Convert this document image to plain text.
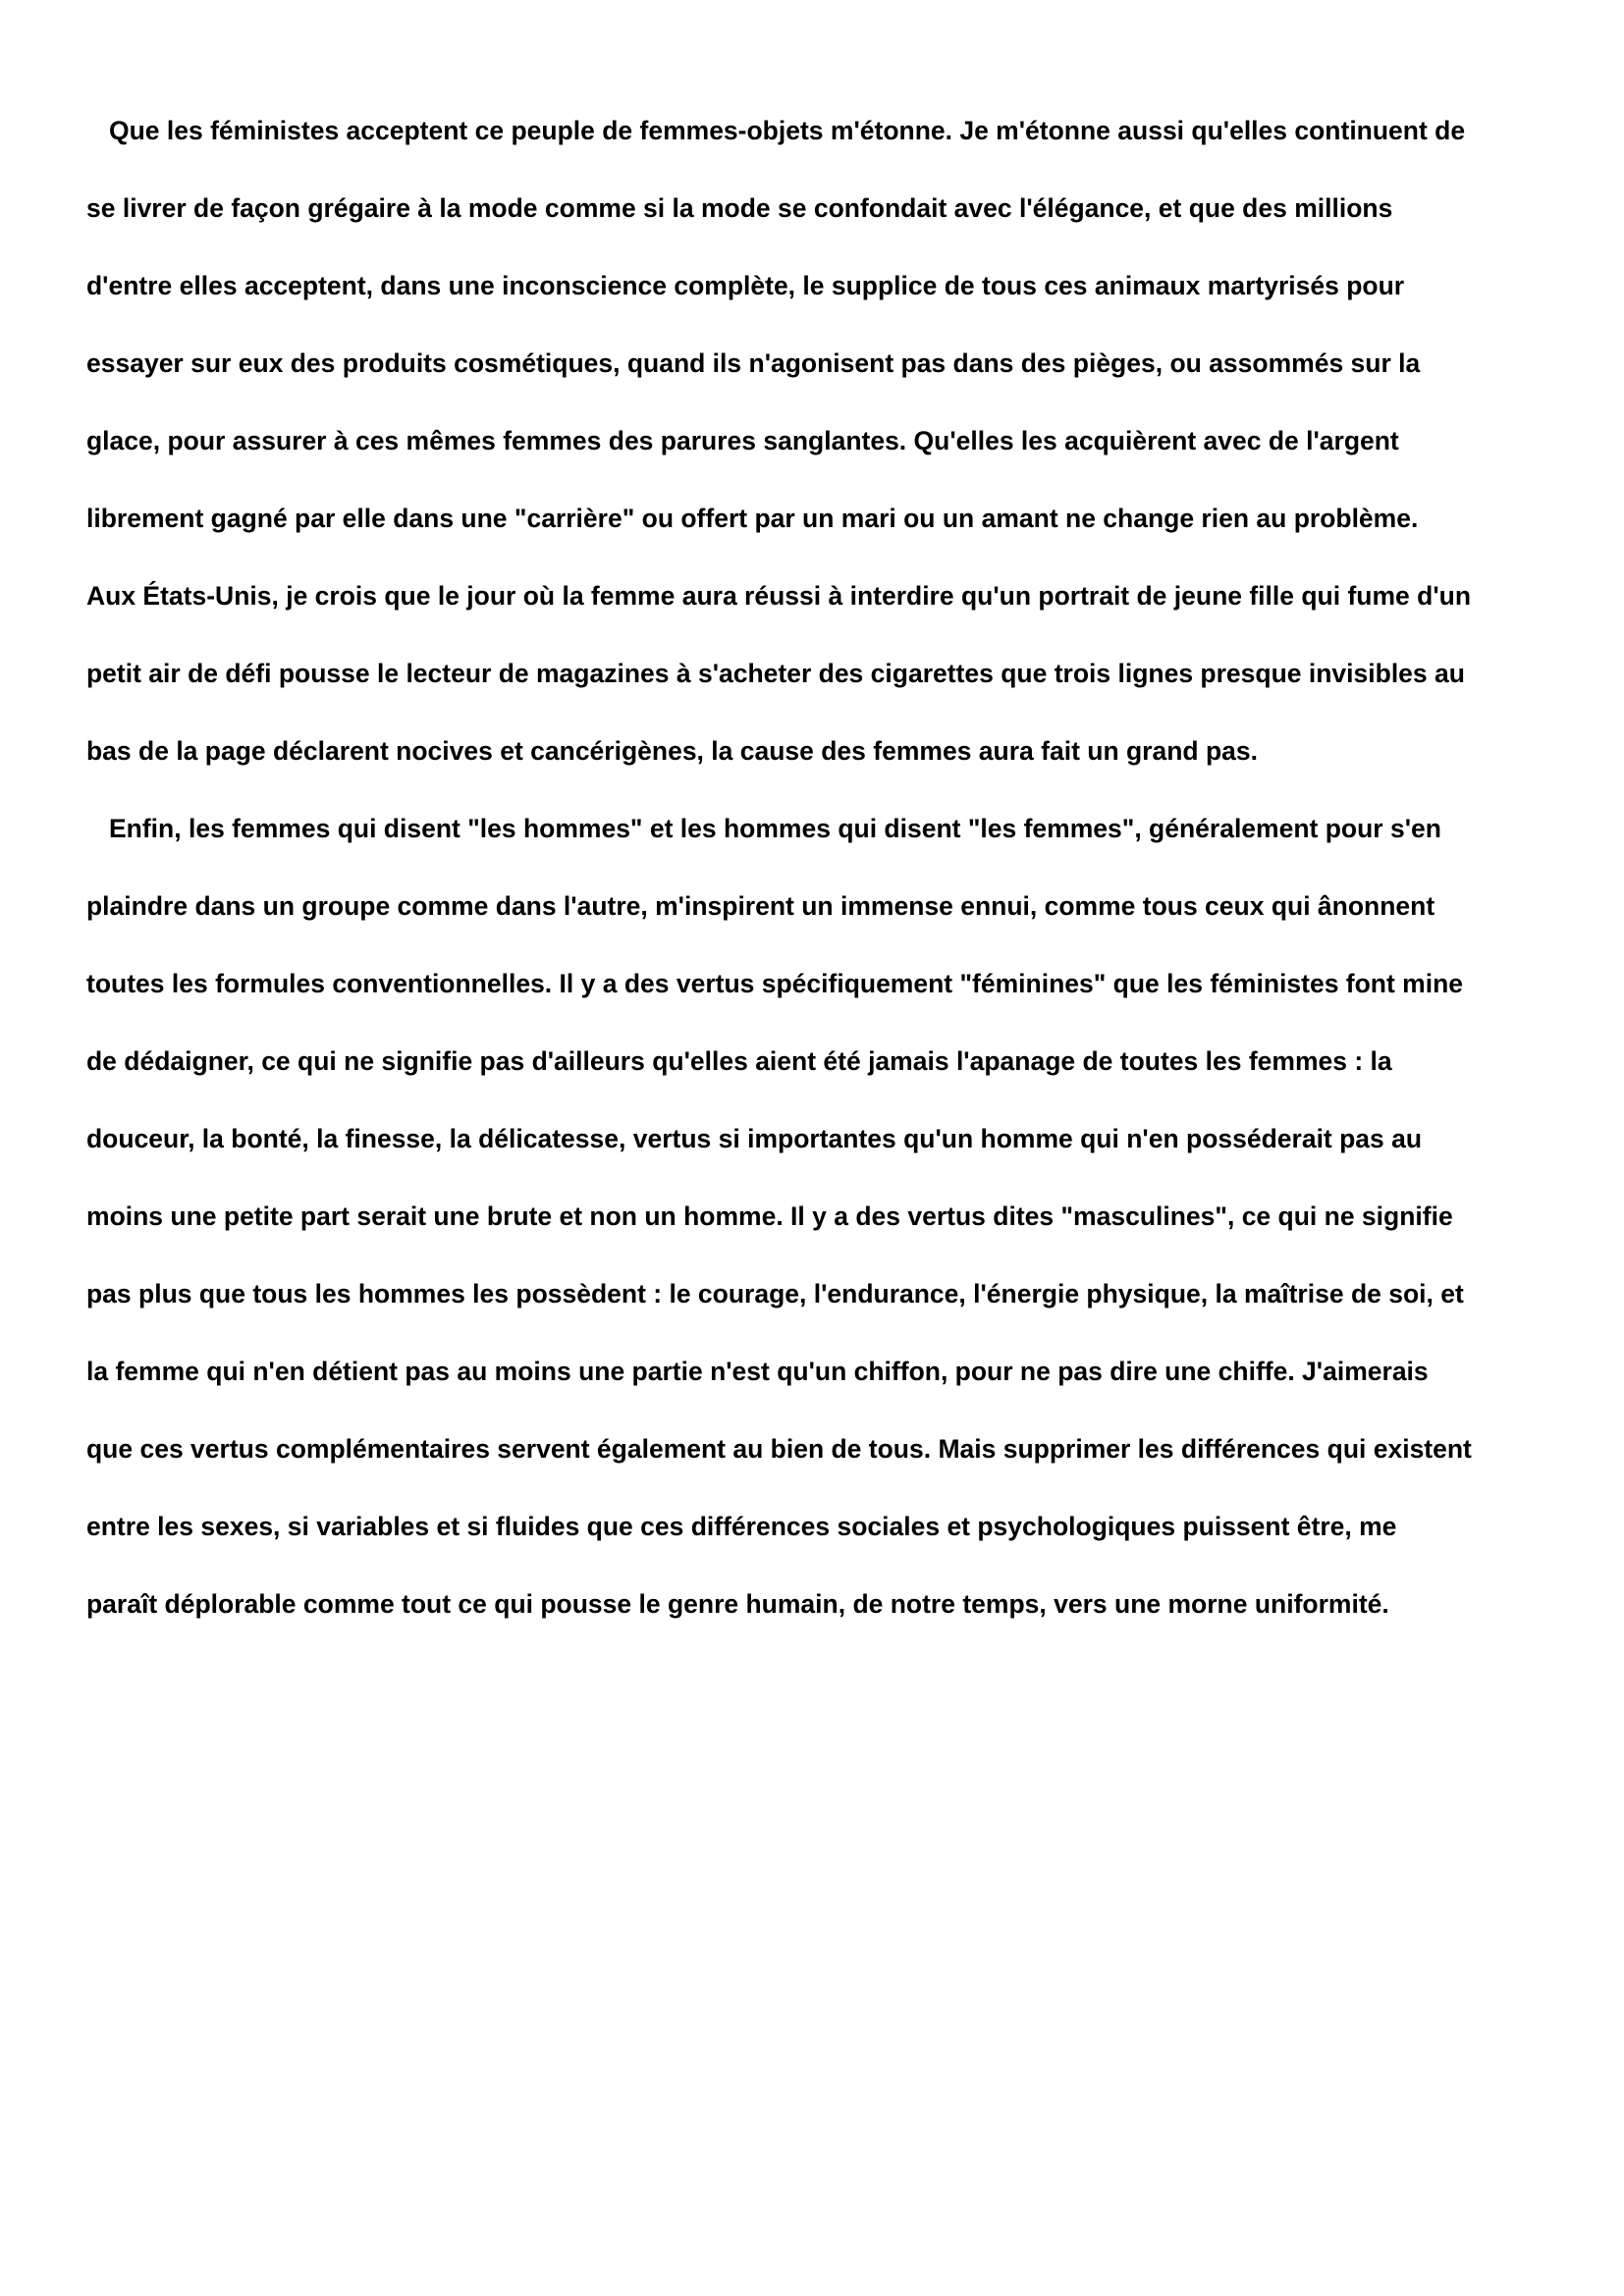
Que les féministes acceptent ce peuple de femmes-objets m'étonne. Je m'étonne aussi qu'elles continuent de
se livrer de façon grégaire à la mode comme si la mode se confondait avec l'élégance, et que des millions
d'entre elles acceptent, dans une inconscience complète, le supplice de tous ces animaux martyrisés pour
essayer sur eux des produits cosmétiques, quand ils n'agonisent pas dans des pièges, ou assommés sur la
glace, pour assurer à ces mêmes femmes des parures sanglantes. Qu'elles les acquièrent avec de l'argent
librement gagné par elle dans une "carrière" ou offert par un mari ou un amant ne change rien au problème.
Aux États-Unis, je crois que le jour où la femme aura réussi à interdire qu'un portrait de jeune fille qui fume d'un
petit air de défi pousse le lecteur de magazines à s'acheter des cigarettes que trois lignes presque invisibles au
bas de la page déclarent nocives et cancérigènes, la cause des femmes aura fait un grand pas.

Enfin, les femmes qui disent "les hommes" et les hommes qui disent "les femmes", généralement pour s'en
plaindre dans un groupe comme dans l'autre, m'inspirent un immense ennui, comme tous ceux qui ânonnent
toutes les formules conventionnelles. Il y a des vertus spécifiquement "féminines" que les féministes font mine
de dédaigner, ce qui ne signifie pas d'ailleurs qu'elles aient été jamais l'apanage de toutes les femmes : la
douceur, la bonté, la finesse, la délicatesse, vertus si importantes qu'un homme qui n'en posséderait pas au
moins une petite part serait une brute et non un homme. Il y a des vertus dites "masculines", ce qui ne signifie
pas plus que tous les hommes les possèdent : le courage, l'endurance, l'énergie physique, la maîtrise de soi, et
la femme qui n'en détient pas au moins une partie n'est qu'un chiffon, pour ne pas dire une chiffe. J'aimerais
que ces vertus complémentaires servent également au bien de tous. Mais supprimer les différences qui existent
entre les sexes, si variables et si fluides que ces différences sociales et psychologiques puissent être, me
paraît déplorable comme tout ce qui pousse le genre humain, de notre temps, vers une morne uniformité.
